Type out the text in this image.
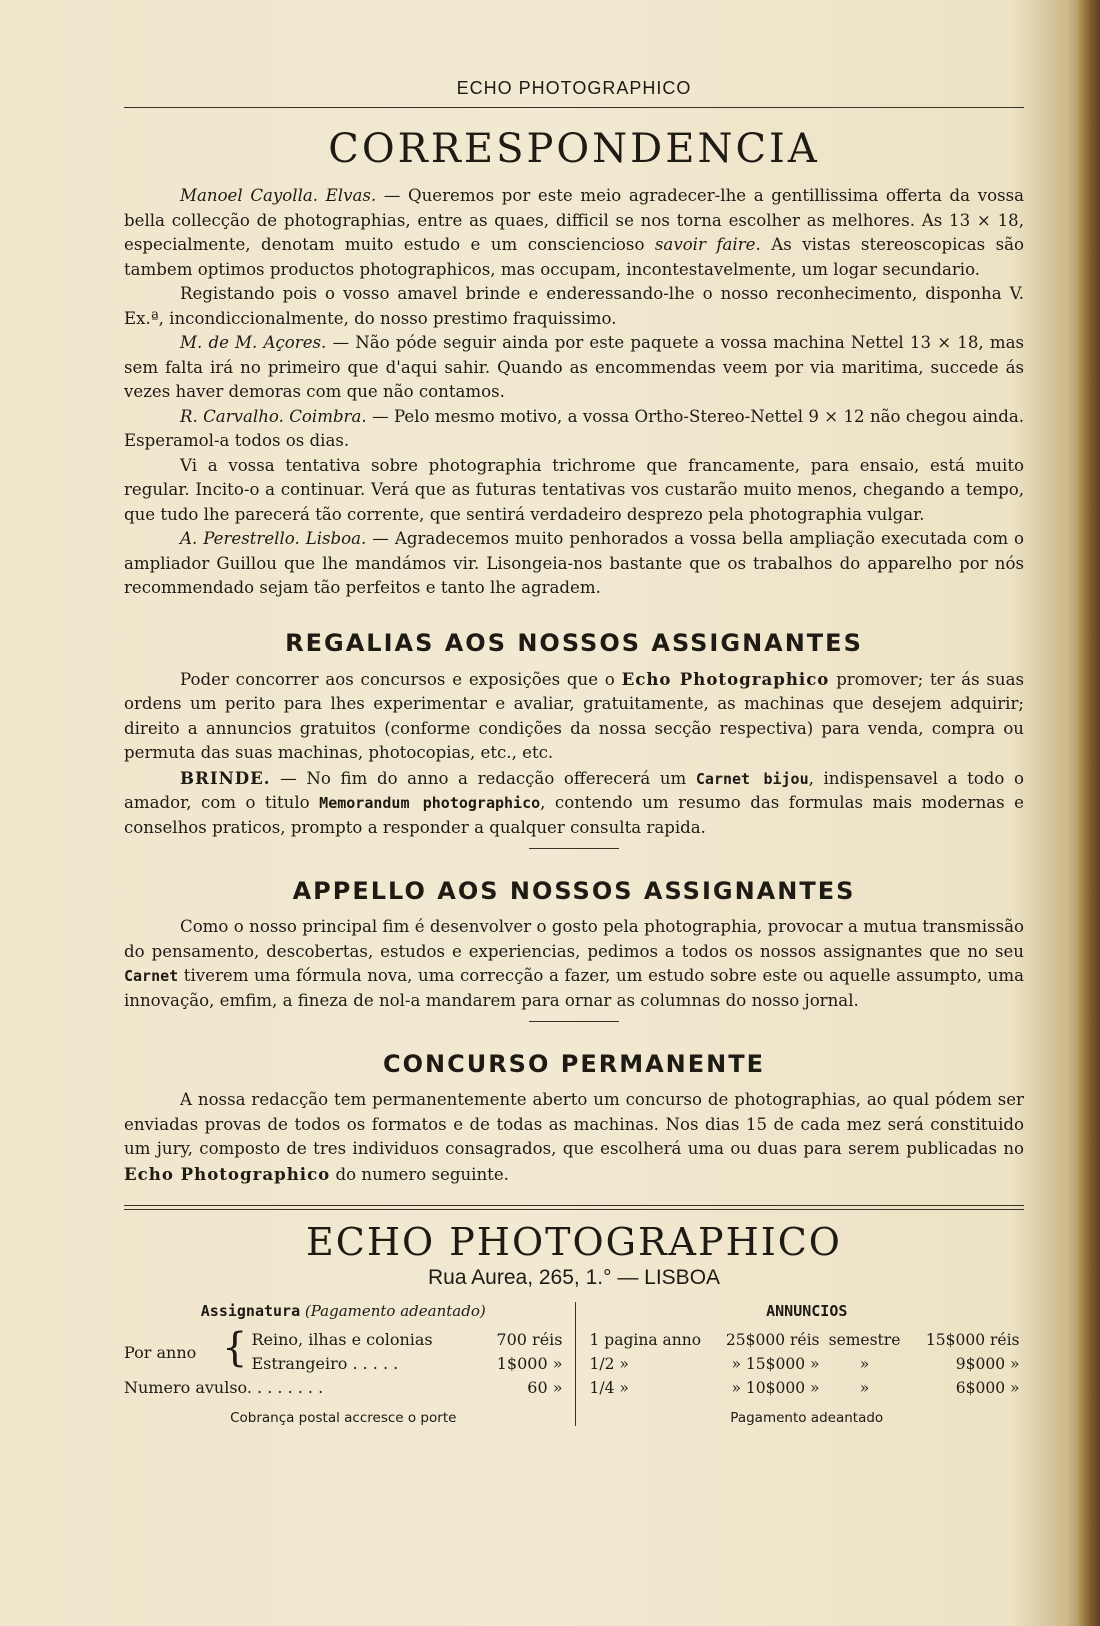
ECHO PHOTOGRAPHICO
CORRESPONDENCIA

Manoel Cayolla. Elvas. — Queremos por este meio agradecer-lhe a gentillissima offerta da vossa bella collecção de photographias, entre as quaes, difficil se nos torna escolher as melhores. As 13 × 18, especialmente, denotam muito estudo e um consciencioso savoir faire. As vistas stereoscopicas são tambem optimos productos photographicos, mas occupam, incontestavelmente, um logar secundario.

Registando pois o vosso amavel brinde e enderessando-lhe o nosso reconhecimento, disponha V. Ex.ª, incondiccionalmente, do nosso prestimo fraquissimo.

M. de M. Açores. — Não póde seguir ainda por este paquete a vossa machina Nettel 13 × 18, mas sem falta irá no primeiro que d'aqui sahir. Quando as encommendas veem por via maritima, succede ás vezes haver demoras com que não contamos.

R. Carvalho. Coimbra. — Pelo mesmo motivo, a vossa Ortho-Stereo-Nettel 9 × 12 não chegou ainda. Esperamol-a todos os dias.

Vi a vossa tentativa sobre photographia trichrome que francamente, para ensaio, está muito regular. Incito-o a continuar. Verá que as futuras tentativas vos custarão muito menos, chegando a tempo, que tudo lhe parecerá tão corrente, que sentirá verdadeiro desprezo pela photographia vulgar.

A. Perestrello. Lisboa. — Agradecemos muito penhorados a vossa bella ampliação executada com o ampliador Guillou que lhe mandámos vir. Lisongeia-nos bastante que os trabalhos do apparelho por nós recommendado sejam tão perfeitos e tanto lhe agradem.

REGALIAS AOS NOSSOS ASSIGNANTES

Poder concorrer aos concursos e exposições que o Echo Photographico promover; ter ás suas ordens um perito para lhes experimentar e avaliar, gratuitamente, as machinas que desejem adquirir; direito a annuncios gratuitos (conforme condições da nossa secção respectiva) para venda, compra ou permuta das suas machinas, photocopias, etc., etc.

BRINDE. — No fim do anno a redacção offerecerá um Carnet bijou, indispensavel a todo o amador, com o titulo Memorandum photographico, contendo um resumo das formulas mais modernas e conselhos praticos, prompto a responder a qualquer consulta rapida.

APPELLO AOS NOSSOS ASSIGNANTES

Como o nosso principal fim é desenvolver o gosto pela photographia, provocar a mutua transmissão do pensamento, descobertas, estudos e experiencias, pedimos a todos os nossos assignantes que no seu Carnet tiverem uma fórmula nova, uma correcção a fazer, um estudo sobre este ou aquelle assumpto, uma innovação, emfim, a fineza de nol-a mandarem para ornar as columnas do nosso jornal.

CONCURSO PERMANENTE

A nossa redacção tem permanentemente aberto um concurso de photographias, ao qual pódem ser enviadas provas de todos os formatos e de todas as machinas. Nos dias 15 de cada mez será constituido um jury, composto de tres individuos consagrados, que escolherá uma ou duas para serem publicadas no Echo Photographico do numero seguinte.

ECHO PHOTOGRAPHICO
Rua Aurea, 265, 1.° — LISBOA
Assignatura (Pagamento adeantado)
Por anno { Reino, ilhas e colonias	700 réis
Estrangeiro . . . . .	1$000 »
Numero avulso. . . . . . . .	60 »
Cobrança postal accresce o porte
ANNUNCIOS
1 pagina anno	25$000 réis semestre	15$000 réis
1/2 »	» 15$000 »	»	9$000 »
1/4 »	» 10$000 »	»	6$000 »
Pagamento adeantado
